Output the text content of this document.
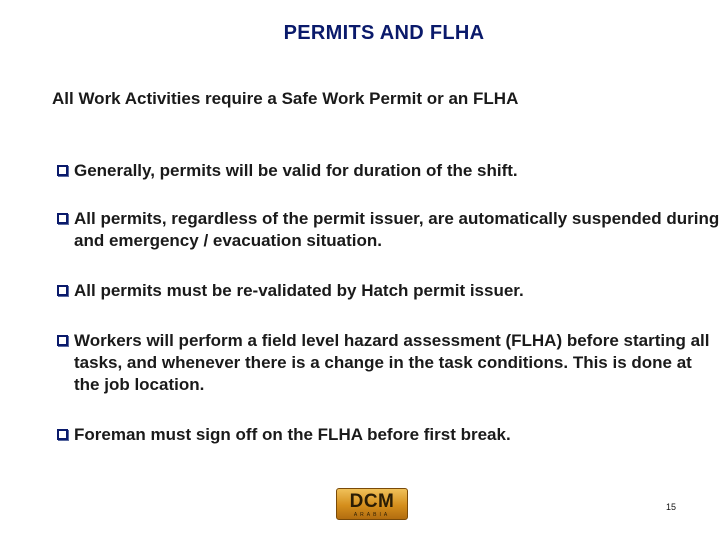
PERMITS AND FLHA
All Work Activities require a Safe Work Permit or an FLHA
Generally, permits will be valid for duration of the shift.
All permits, regardless of the permit issuer, are automatically suspended during and emergency / evacuation situation.
All permits must be re-validated by Hatch permit issuer.
Workers will perform a field level hazard assessment (FLHA) before starting all tasks, and whenever there is a change in the task conditions. This is done at the job location.
Foreman must sign off on the FLHA before first break.
DCM
ARABIA
15
